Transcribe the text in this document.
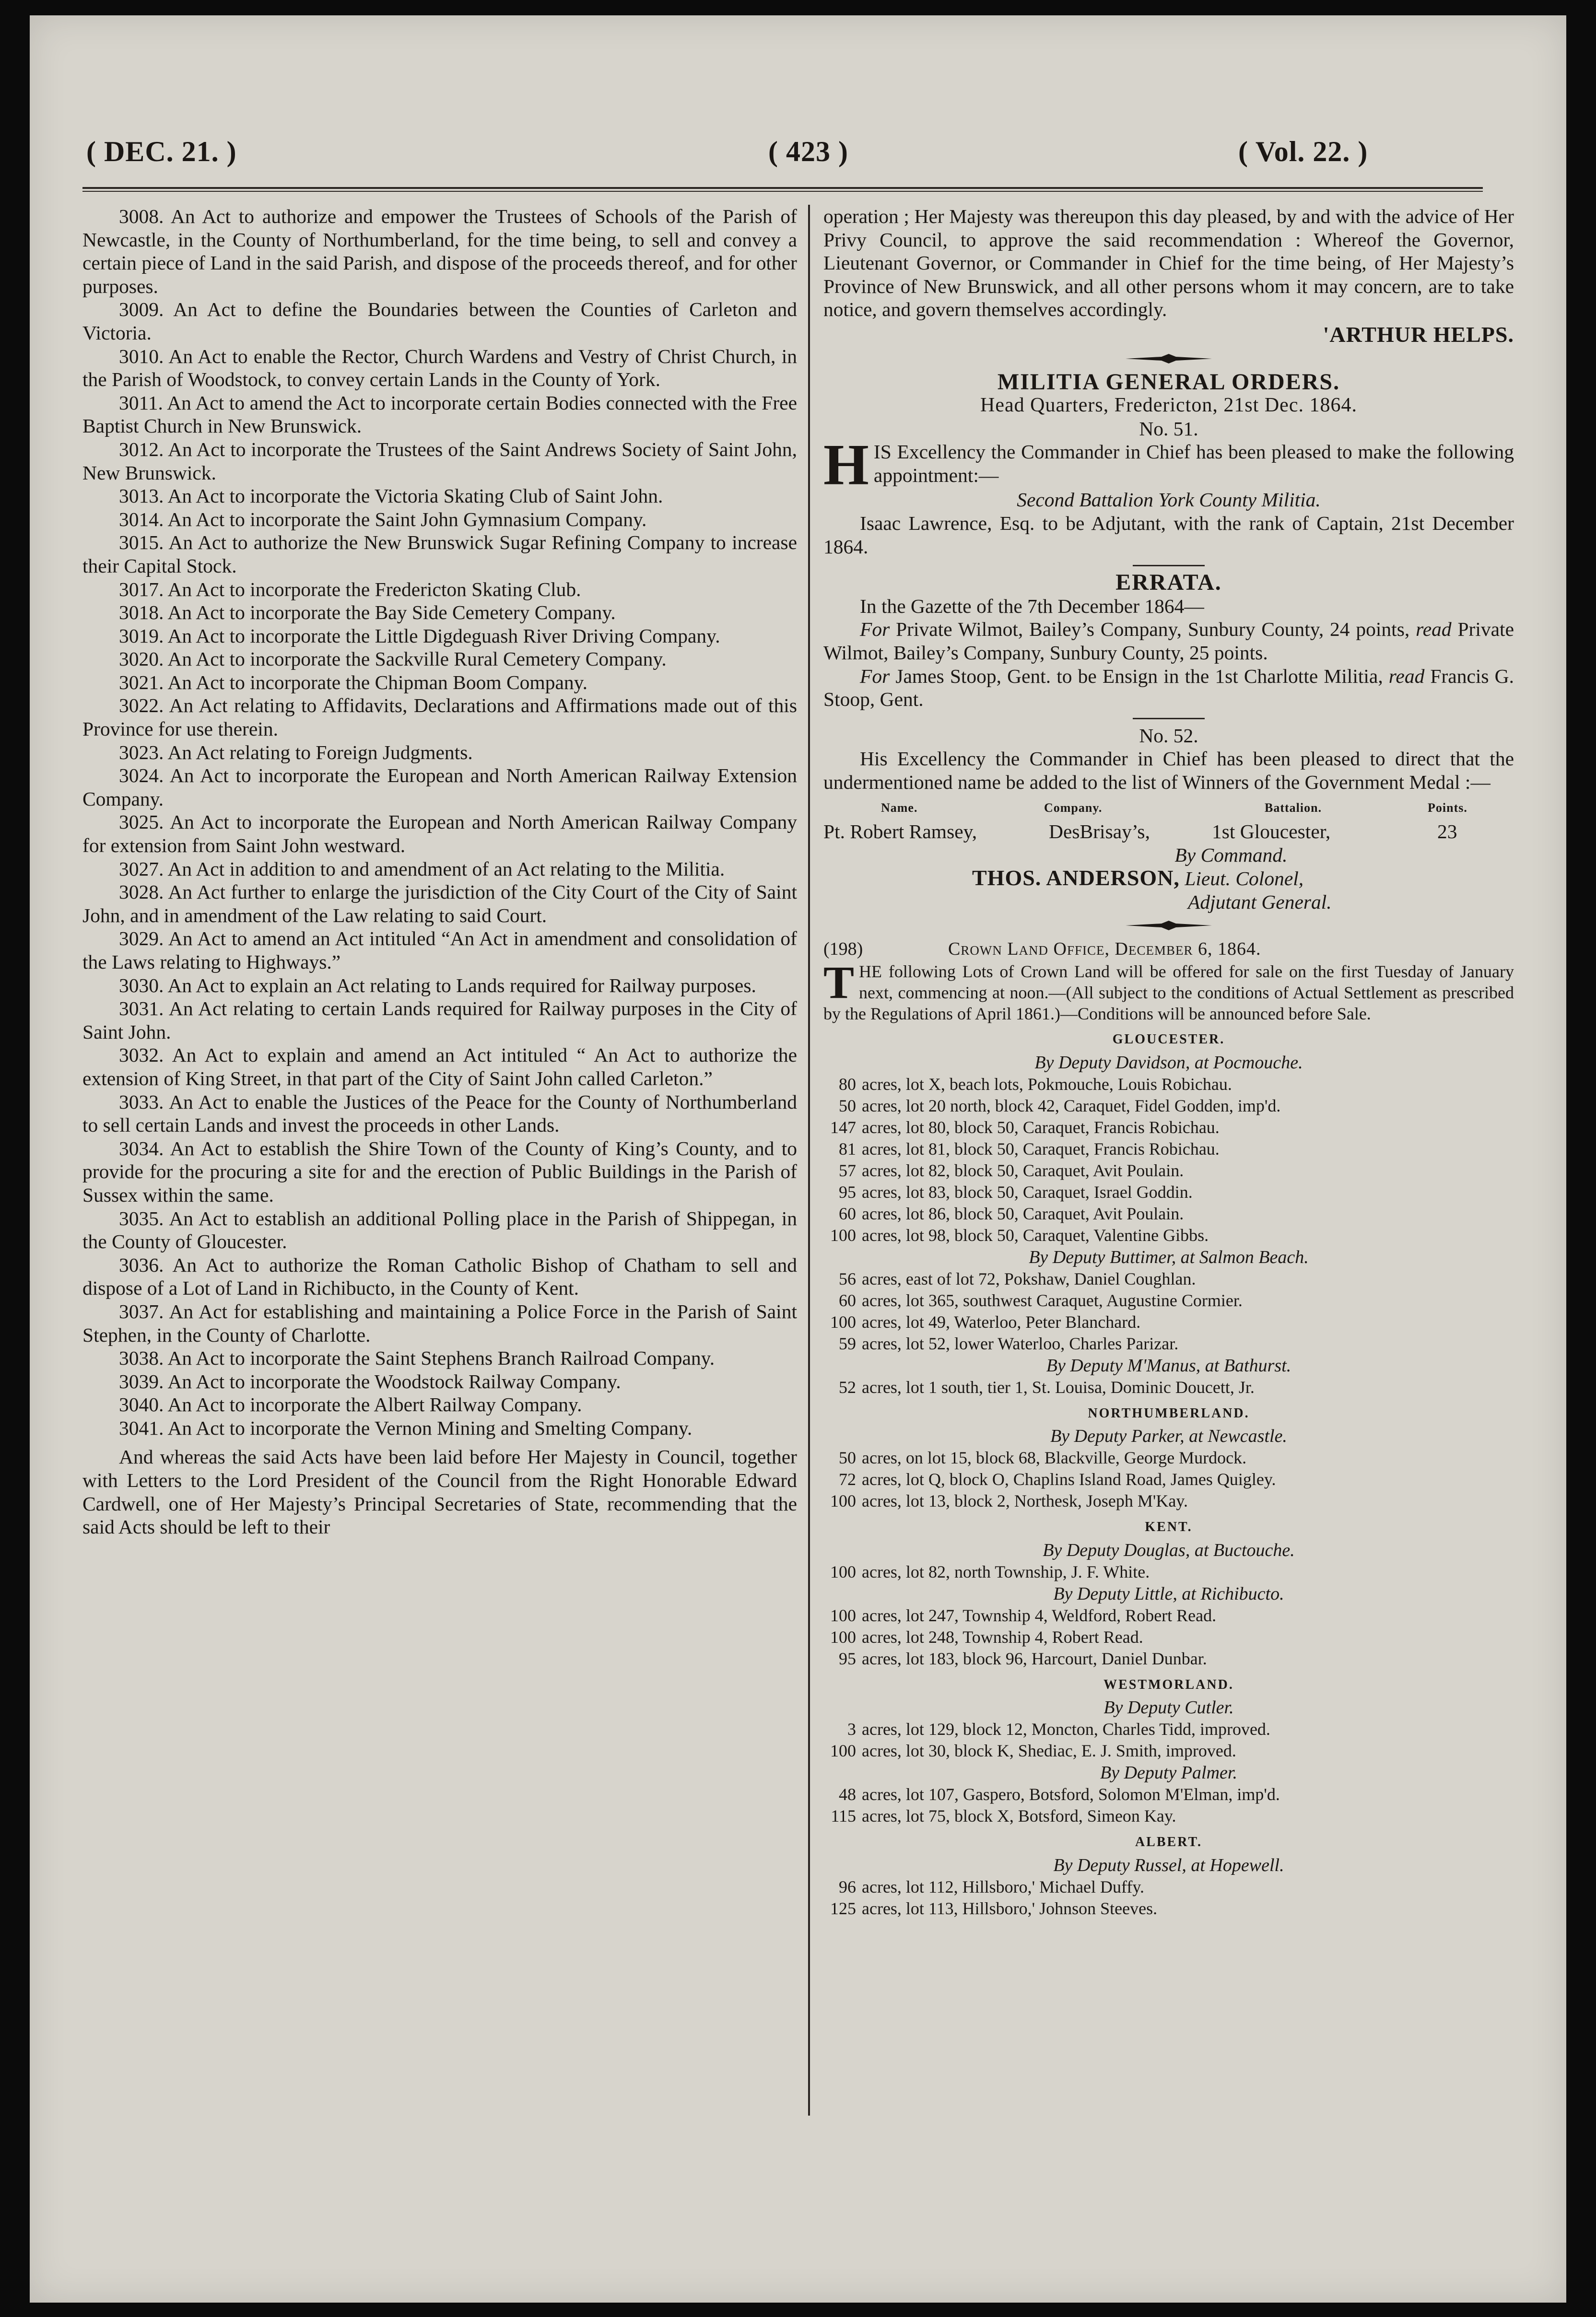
( DEC. 21. )	( 423 )	( Vol. 22. )

3008. An Act to authorize and empower the Trustees of Schools of the Parish of Newcastle, in the County of Northumberland, for the time being, to sell and convey a certain piece of Land in the said Parish, and dispose of the proceeds thereof, and for other purposes.

3009. An Act to define the Boundaries between the Counties of Carleton and Victoria.

3010. An Act to enable the Rector, Church Wardens and Vestry of Christ Church, in the Parish of Woodstock, to convey certain Lands in the County of York.

3011. An Act to amend the Act to incorporate certain Bodies connected with the Free Baptist Church in New Brunswick.

3012. An Act to incorporate the Trustees of the Saint Andrews Society of Saint John, New Brunswick.

3013. An Act to incorporate the Victoria Skating Club of Saint John.

3014. An Act to incorporate the Saint John Gymnasium Company.

3015. An Act to authorize the New Brunswick Sugar Refining Company to increase their Capital Stock.

3017. An Act to incorporate the Fredericton Skating Club.

3018. An Act to incorporate the Bay Side Cemetery Company.

3019. An Act to incorporate the Little Digdeguash River Driving Company.

3020. An Act to incorporate the Sackville Rural Cemetery Company.

3021. An Act to incorporate the Chipman Boom Company.

3022. An Act relating to Affidavits, Declarations and Affirmations made out of this Province for use therein.

3023. An Act relating to Foreign Judgments.

3024. An Act to incorporate the European and North American Railway Extension Company.

3025. An Act to incorporate the European and North American Railway Company for extension from Saint John westward.

3027. An Act in addition to and amendment of an Act relating to the Militia.

3028. An Act further to enlarge the jurisdiction of the City Court of the City of Saint John, and in amendment of the Law relating to said Court.

3029. An Act to amend an Act intituled “An Act in amendment and consolidation of the Laws relating to Highways.”

3030. An Act to explain an Act relating to Lands required for Railway purposes.

3031. An Act relating to certain Lands required for Railway purposes in the City of Saint John.

3032. An Act to explain and amend an Act intituled “ An Act to authorize the extension of King Street, in that part of the City of Saint John called Carleton.”

3033. An Act to enable the Justices of the Peace for the County of Northumberland to sell certain Lands and invest the proceeds in other Lands.

3034. An Act to establish the Shire Town of the County of King’s County, and to provide for the procuring a site for and the erection of Public Buildings in the Parish of Sussex within the same.

3035. An Act to establish an additional Polling place in the Parish of Shippegan, in the County of Gloucester.

3036. An Act to authorize the Roman Catholic Bishop of Chatham to sell and dispose of a Lot of Land in Richibucto, in the County of Kent.

3037. An Act for establishing and maintaining a Police Force in the Parish of Saint Stephen, in the County of Charlotte.

3038. An Act to incorporate the Saint Stephens Branch Railroad Company.

3039. An Act to incorporate the Woodstock Railway Company.

3040. An Act to incorporate the Albert Railway Company.

3041. An Act to incorporate the Vernon Mining and Smelting Company.

And whereas the said Acts have been laid before Her Majesty in Council, together with Letters to the Lord President of the Council from the Right Honorable Edward Cardwell, one of Her Majesty’s Principal Secretaries of State, recommending that the said Acts should be left to their

operation ; Her Majesty was thereupon this day pleased, by and with the advice of Her Privy Council, to approve the said recommendation : Whereof the Governor, Lieutenant Governor, or Commander in Chief for the time being, of Her Majesty’s Province of New Brunswick, and all other persons whom it may concern, are to take notice, and govern themselves accordingly.

'ARTHUR HELPS.
MILITIA GENERAL ORDERS.
Head Quarters, Fredericton, 21st Dec. 1864.
No. 51.
H IS Excellency the Commander in Chief has been pleased to make the following appointment:—

Second Battalion York County Militia.

Isaac Lawrence, Esq. to be Adjutant, with the rank of Captain, 21st December 1864.

ERRATA.

In the Gazette of the 7th December 1864—

For Private Wilmot, Bailey’s Company, Sunbury County, 24 points, read Private Wilmot, Bailey’s Company, Sunbury County, 25 points.

For James Stoop, Gent. to be Ensign in the 1st Charlotte Militia, read Francis G. Stoop, Gent.

No. 52.

His Excellency the Commander in Chief has been pleased to direct that the undermentioned name be added to the list of Winners of the Government Medal :—

Name.	Company.	Battalion.	Points.
Pt. Robert Ramsey,	DesBrisay’s,	1st Gloucester,	23
By Command.
THOS. ANDERSON, Lieut. Colonel,
Adjutant General.
(198)	Crown Land Office, December 6, 1864.
T HE following Lots of Crown Land will be offered for sale on the first Tuesday of January next, commencing at noon.—(All subject to the conditions of Actual Settlement as prescribed by the Regulations of April 1861.)—Conditions will be announced before Sale.

GLOUCESTER.
By Deputy Davidson, at Pocmouche.
80 acres, lot X, beach lots, Pokmouche, Louis Robichau.
50 acres, lot 20 north, block 42, Caraquet, Fidel Godden, imp'd.
147 acres, lot 80, block 50, Caraquet, Francis Robichau.
81 acres, lot 81, block 50, Caraquet, Francis Robichau.
57 acres, lot 82, block 50, Caraquet, Avit Poulain.
95 acres, lot 83, block 50, Caraquet, Israel Goddin.
60 acres, lot 86, block 50, Caraquet, Avit Poulain.
100 acres, lot 98, block 50, Caraquet, Valentine Gibbs.
By Deputy Buttimer, at Salmon Beach.
56 acres, east of lot 72, Pokshaw, Daniel Coughlan.
60 acres, lot 365, southwest Caraquet, Augustine Cormier.
100 acres, lot 49, Waterloo, Peter Blanchard.
59 acres, lot 52, lower Waterloo, Charles Parizar.
By Deputy M'Manus, at Bathurst.
52 acres, lot 1 south, tier 1, St. Louisa, Dominic Doucett, Jr.
NORTHUMBERLAND.
By Deputy Parker, at Newcastle.
50 acres, on lot 15, block 68, Blackville, George Murdock.
72 acres, lot Q, block O, Chaplins Island Road, James Quigley.
100 acres, lot 13, block 2, Northesk, Joseph M'Kay.
KENT.
By Deputy Douglas, at Buctouche.
100 acres, lot 82, north Township, J. F. White.
By Deputy Little, at Richibucto.
100 acres, lot 247, Township 4, Weldford, Robert Read.
100 acres, lot 248, Township 4, Robert Read.
95 acres, lot 183, block 96, Harcourt, Daniel Dunbar.
WESTMORLAND.
By Deputy Cutler.
3 acres, lot 129, block 12, Moncton, Charles Tidd, improved.
100 acres, lot 30, block K, Shediac, E. J. Smith, improved.
By Deputy Palmer.
48 acres, lot 107, Gaspero, Botsford, Solomon M'Elman, imp'd.
115 acres, lot 75, block X, Botsford, Simeon Kay.
ALBERT.
By Deputy Russel, at Hopewell.
96 acres, lot 112, Hillsboro,' Michael Duffy.
125 acres, lot 113, Hillsboro,' Johnson Steeves.
